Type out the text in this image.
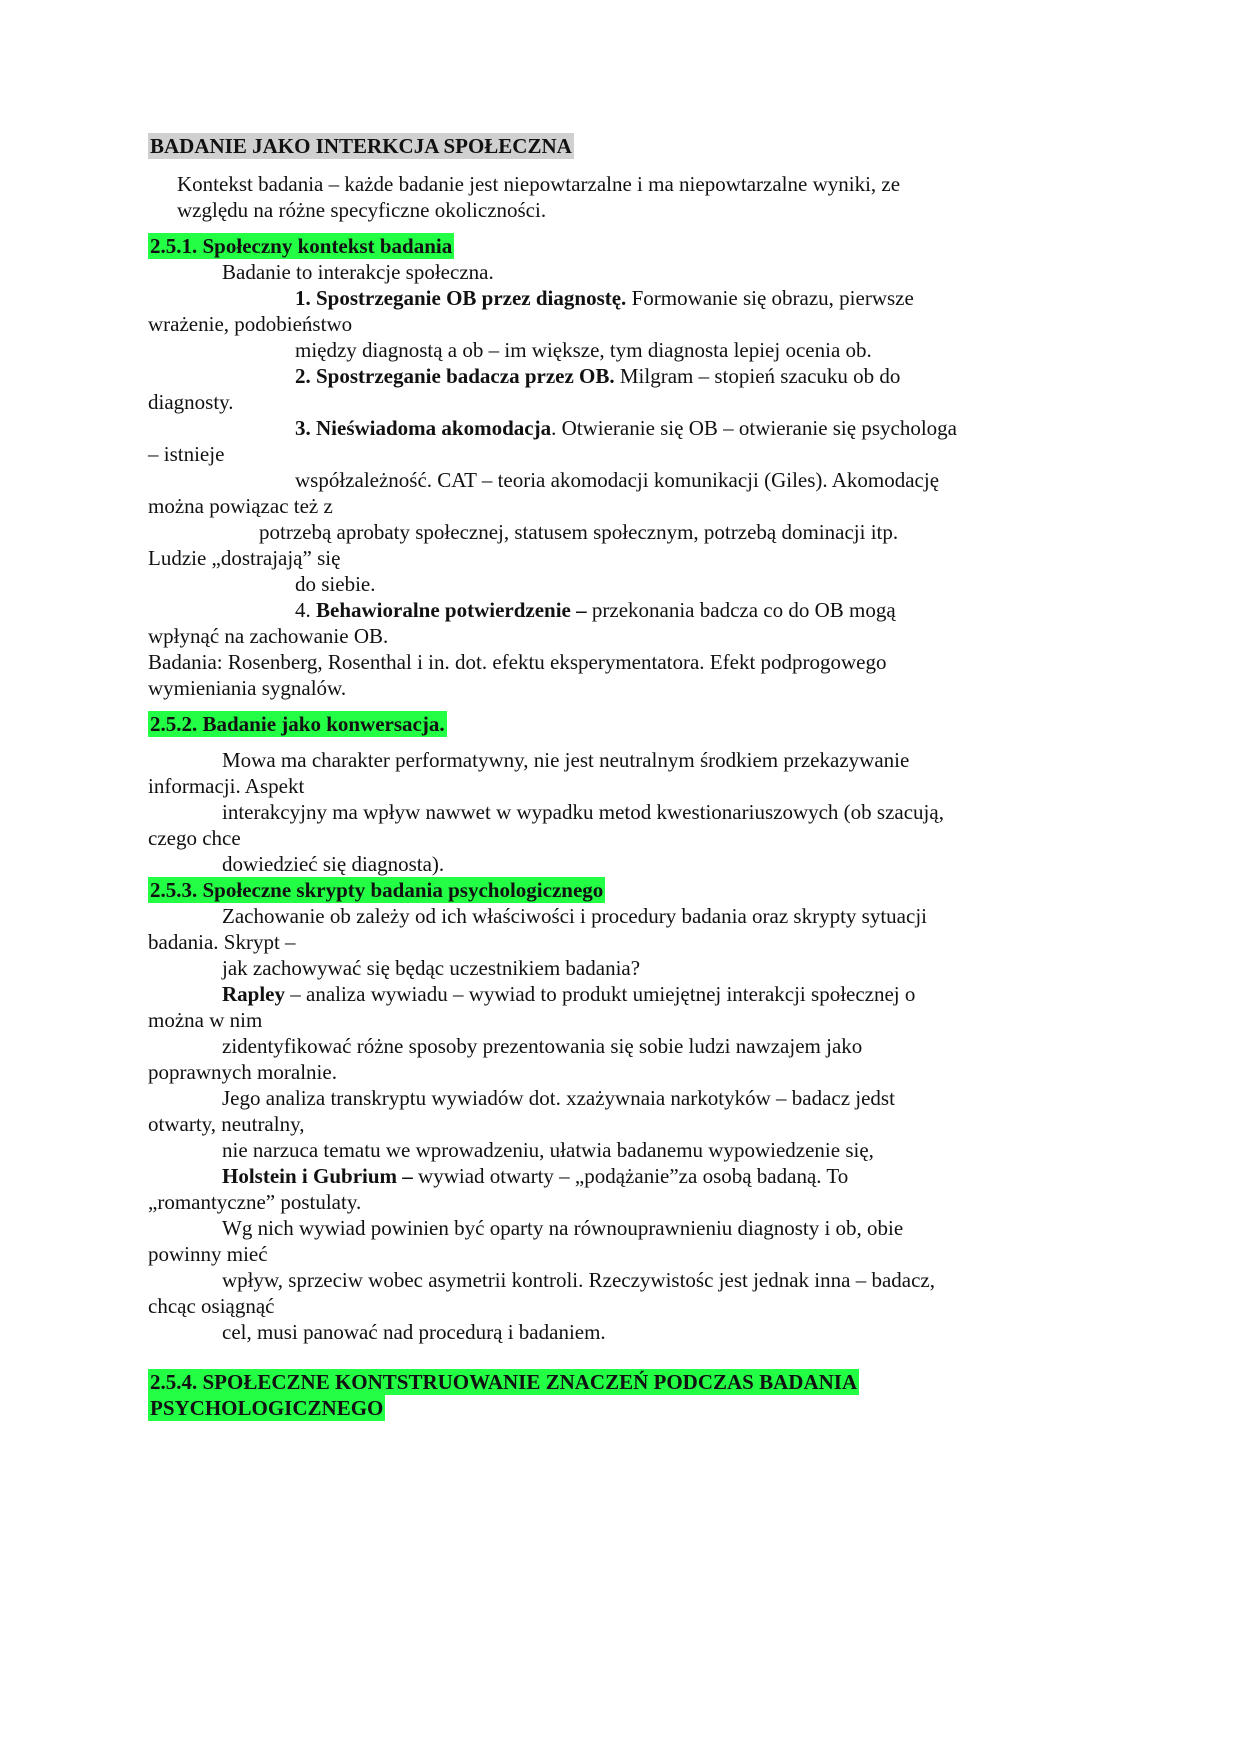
BADANIE JAKO INTERKCJA SPOŁECZNA
Kontekst badania – każde badanie jest niepowtarzalne i ma niepowtarzalne wyniki, ze
względu na różne specyficzne okoliczności.
2.5.1. Społeczny kontekst badania
Badanie to interakcje społeczna.
1. Spostrzeganie OB przez diagnostę. Formowanie się obrazu, pierwsze
wrażenie, podobieństwo
między diagnostą a ob – im większe, tym diagnosta lepiej ocenia ob.
2. Spostrzeganie badacza przez OB. Milgram – stopień szacuku ob do
diagnosty.
3. Nieświadoma akomodacja. Otwieranie się OB – otwieranie się psychologa
– istnieje
współzależność. CAT – teoria akomodacji komunikacji (Giles). Akomodację
można powiązac też z
potrzebą aprobaty społecznej, statusem społecznym, potrzebą dominacji itp.
Ludzie „dostrajają” się
do siebie.
4. Behawioralne potwierdzenie – przekonania badcza co do OB mogą
wpłynąć na zachowanie OB.
Badania: Rosenberg, Rosenthal i in. dot. efektu eksperymentatora. Efekt podprogowego
wymieniania sygnalów.
2.5.2. Badanie jako konwersacja.
Mowa ma charakter performatywny, nie jest neutralnym środkiem przekazywanie
informacji. Aspekt
interakcyjny ma wpływ nawwet w wypadku metod kwestionariuszowych (ob szacują,
czego chce
dowiedzieć się diagnosta).
2.5.3. Społeczne skrypty badania psychologicznego
Zachowanie ob zależy od ich właściwości i procedury badania oraz skrypty sytuacji
badania. Skrypt –
jak zachowywać się będąc uczestnikiem badania?
Rapley – analiza wywiadu – wywiad to produkt umiejętnej interakcji społecznej o
można w nim
zidentyfikować różne sposoby prezentowania się sobie ludzi nawzajem jako
poprawnych moralnie.
Jego analiza transkryptu wywiadów dot. xzażywnaia narkotyków – badacz jedst
otwarty, neutralny,
nie narzuca tematu we wprowadzeniu, ułatwia badanemu wypowiedzenie się,
Holstein i Gubrium – wywiad otwarty – „podążanie”za osobą badaną. To
„romantyczne” postulaty.
Wg nich wywiad powinien być oparty na równouprawnieniu diagnosty i ob, obie
powinny mieć
wpływ, sprzeciw wobec asymetrii kontroli. Rzeczywistośc jest jednak inna – badacz,
chcąc osiągnąć
cel, musi panować nad procedurą i badaniem.
2.5.4. SPOŁECZNE KONTSTRUOWANIE ZNACZEŃ PODCZAS BADANIA
PSYCHOLOGICZNEGO
